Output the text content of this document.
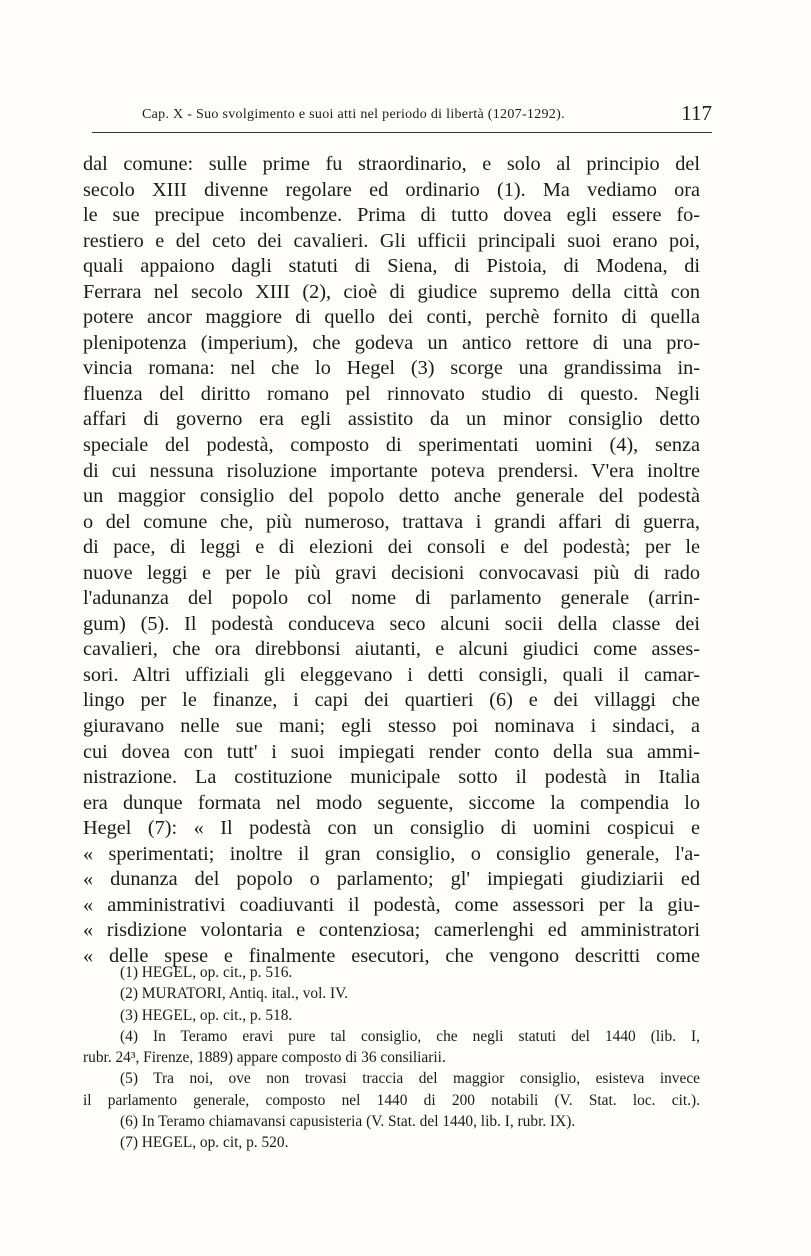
Cap. X - Suo svolgimento e suoi atti nel periodo di libertà (1207-1292).	117
dal comune: sulle prime fu straordinario, e solo al principio del
secolo XIII divenne regolare ed ordinario (1). Ma vediamo ora
le sue precipue incombenze. Prima di tutto dovea egli essere fo-
restiero e del ceto dei cavalieri. Gli ufficii principali suoi erano poi,
quali appaiono dagli statuti di Siena, di Pistoia, di Modena, di
Ferrara nel secolo XIII (2), cioè di giudice supremo della città con
potere ancor maggiore di quello dei conti, perchè fornito di quella
plenipotenza (imperium), che godeva un antico rettore di una pro-
vincia romana: nel che lo Hegel (3) scorge una grandissima in-
fluenza del diritto romano pel rinnovato studio di questo. Negli
affari di governo era egli assistito da un minor consiglio detto
speciale del podestà, composto di sperimentati uomini (4), senza
di cui nessuna risoluzione importante poteva prendersi. V'era inoltre
un maggior consiglio del popolo detto anche generale del podestà
o del comune che, più numeroso, trattava i grandi affari di guerra,
di pace, di leggi e di elezioni dei consoli e del podestà; per le
nuove leggi e per le più gravi decisioni convocavasi più di rado
l'adunanza del popolo col nome di parlamento generale (arrin-
gum) (5). Il podestà conduceva seco alcuni socii della classe dei
cavalieri, che ora direbbonsi aiutanti, e alcuni giudici come asses-
sori. Altri uffiziali gli eleggevano i detti consigli, quali il camar-
lingo per le finanze, i capi dei quartieri (6) e dei villaggi che
giuravano nelle sue mani; egli stesso poi nominava i sindaci, a
cui dovea con tutt' i suoi impiegati render conto della sua ammi-
nistrazione. La costituzione municipale sotto il podestà in Italia
era dunque formata nel modo seguente, siccome la compendia lo
Hegel (7): « Il podestà con un consiglio di uomini cospicui e
« sperimentati; inoltre il gran consiglio, o consiglio generale, l'a-
« dunanza del popolo o parlamento; gl' impiegati giudiziarii ed
« amministrativi coadiuvanti il podestà, come assessori per la giu-
« risdizione volontaria e contenziosa; camerlenghi ed amministratori
« delle spese e finalmente esecutori, che vengono descritti come
(1) HEGEL, op. cit., p. 516.
(2) MURATORI, Antiq. ital., vol. IV.
(3) HEGEL, op. cit., p. 518.
(4) In Teramo eravi pure tal consiglio, che negli statuti del 1440 (lib. I,
rubr. 24³, Firenze, 1889) appare composto di 36 consiliarii.
(5) Tra noi, ove non trovasi traccia del maggior consiglio, esisteva invece
il parlamento generale, composto nel 1440 di 200 notabili (V. Stat. loc. cit.).
(6) In Teramo chiamavansi capusisteria (V. Stat. del 1440, lib. I, rubr. IX).
(7) HEGEL, op. cit, p. 520.
